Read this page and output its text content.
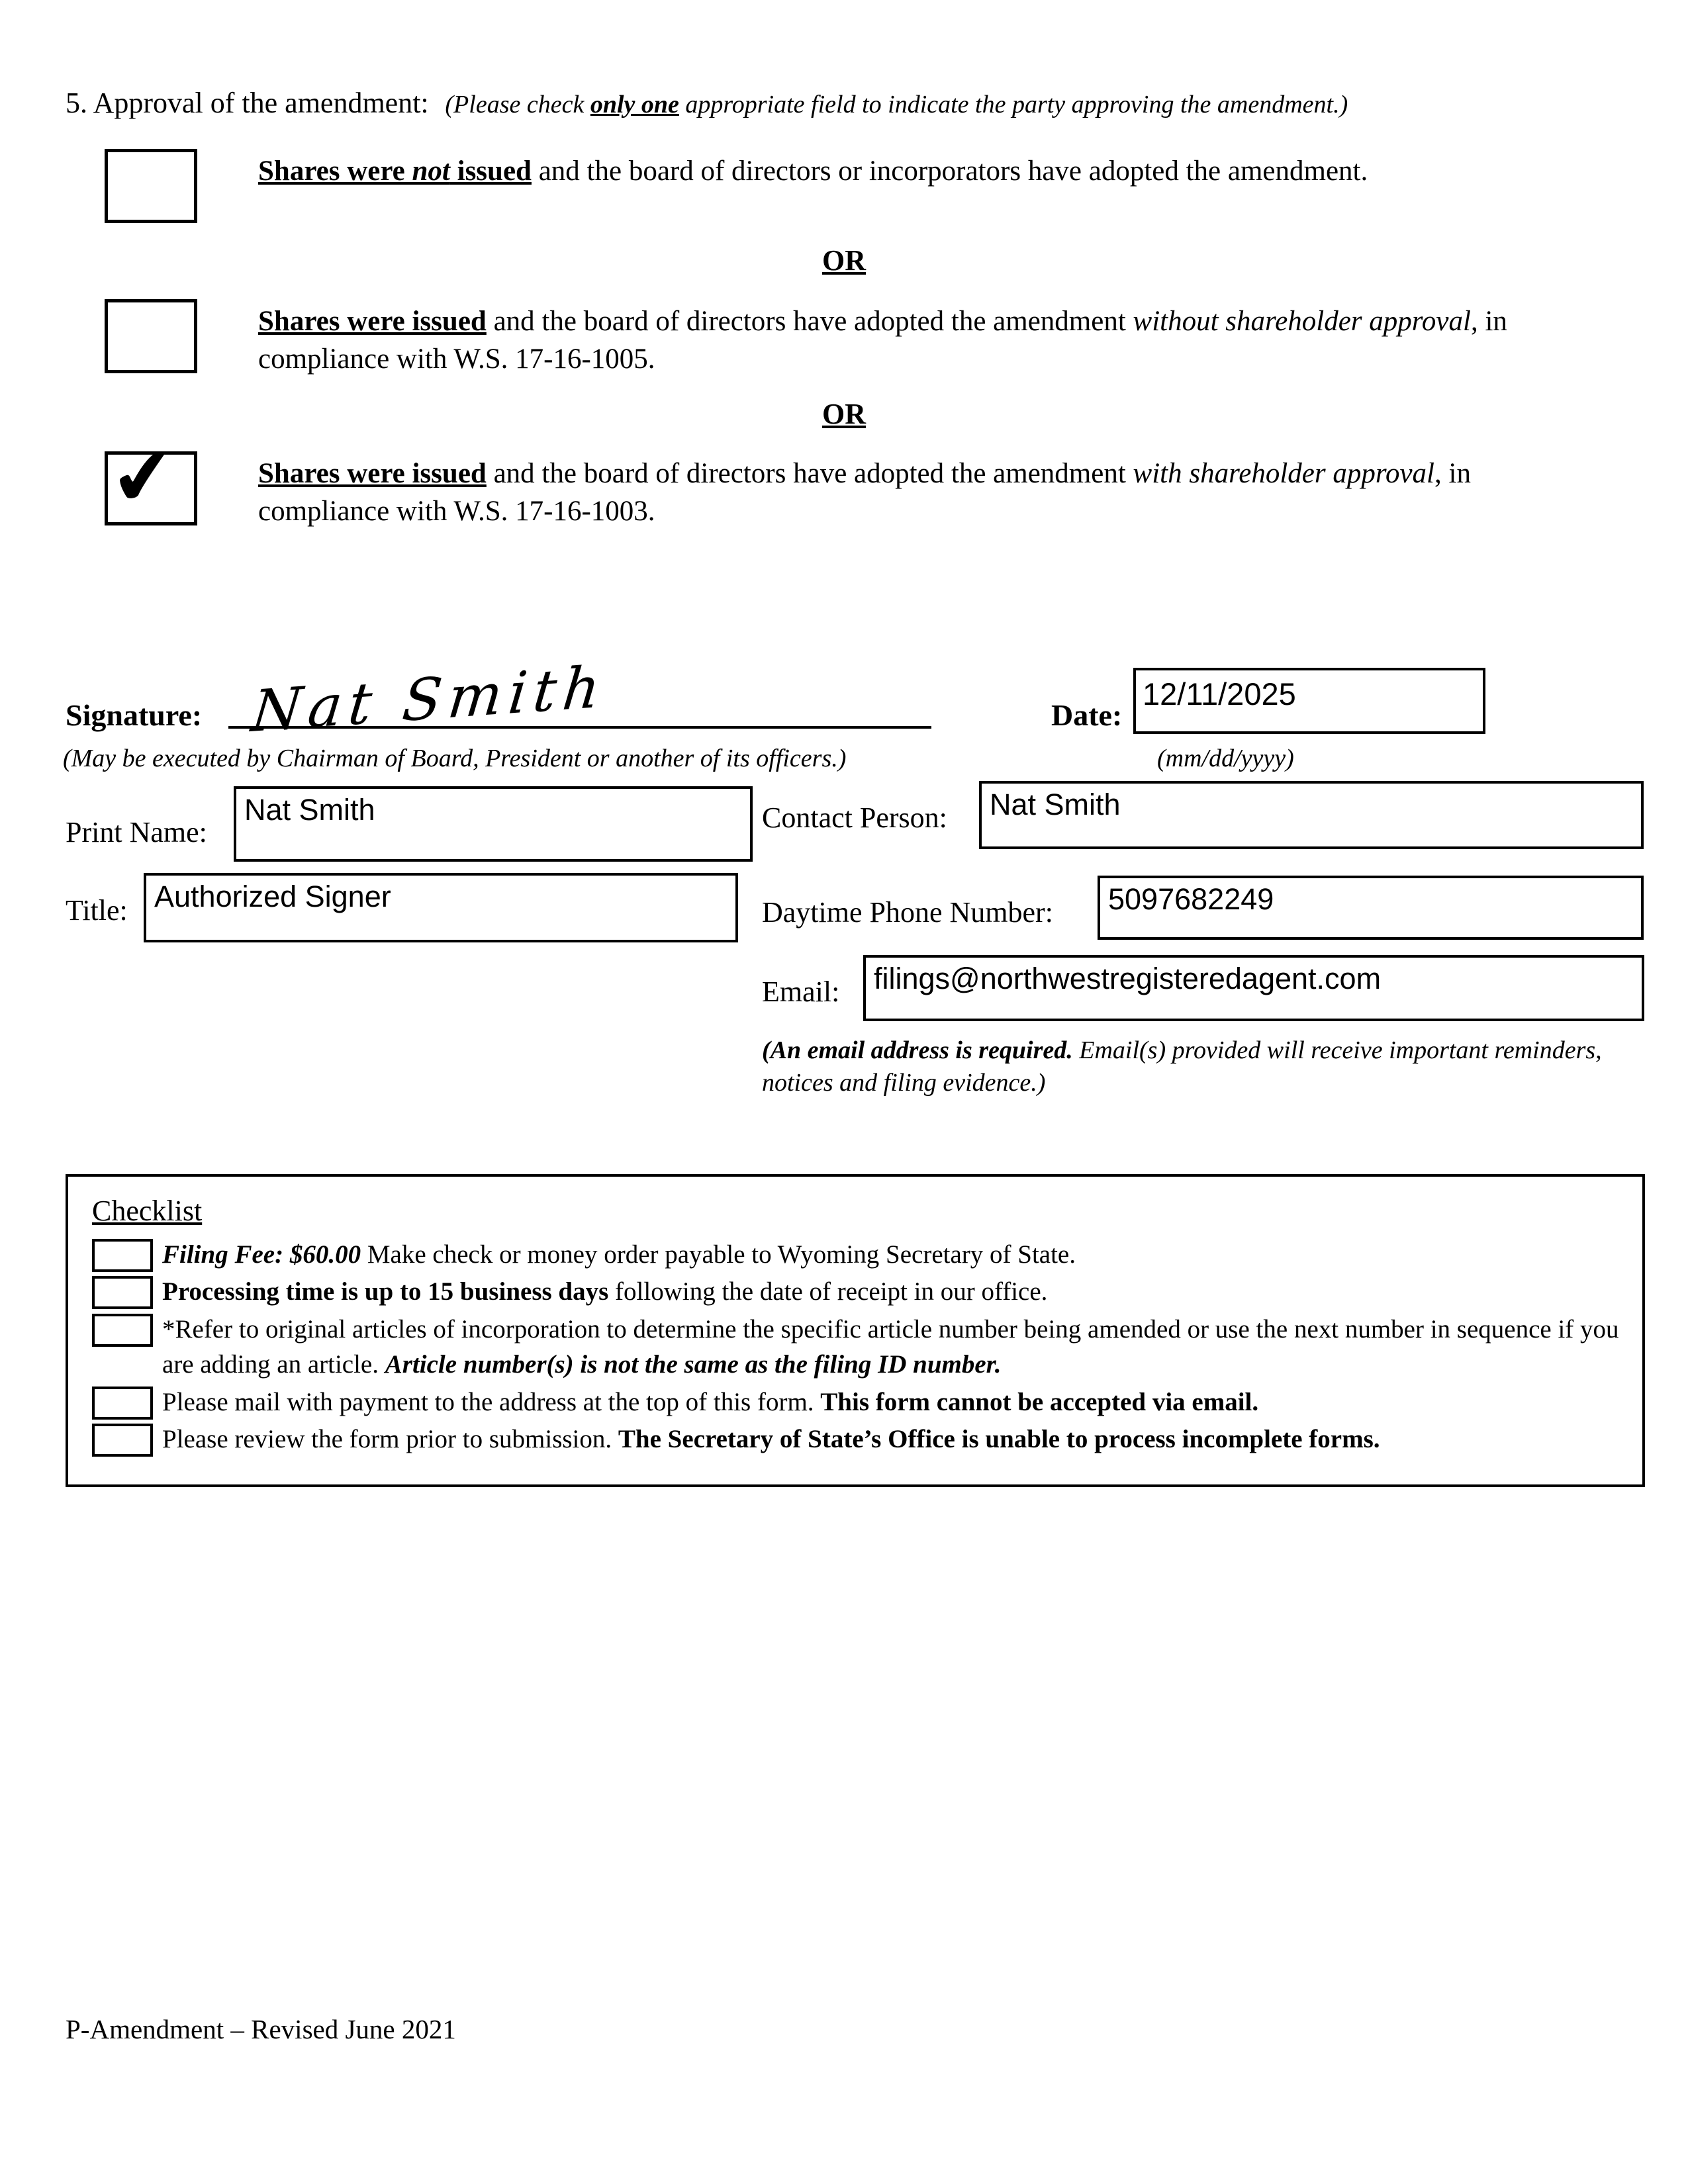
5. Approval of the amendment: (Please check only one appropriate field to indicate the party approving the amendment.)
Shares were not issued and the board of directors or incorporators have adopted the amendment.
OR
Shares were issued and the board of directors have adopted the amendment without shareholder approval, in compliance with W.S. 17-16-1005.
OR
✔	Shares were issued and the board of directors have adopted the amendment with shareholder approval, in compliance with W.S. 17-16-1003.
Signature: Nat Smith	Date:
12/11/2025
(May be executed by Chairman of Board, President or another of its officers.)	(mm/dd/yyyy)
Print Name:
Nat Smith	Contact Person:	Nat Smith
Title: Authorized Signer	Daytime Phone Number:	5097682249
Email:	filings@northwestregisteredagent.com
(An email address is required. Email(s) provided will receive important reminders, notices and filing evidence.)
Checklist
Filing Fee: $60.00 Make check or money order payable to Wyoming Secretary of State.
Processing time is up to 15 business days following the date of receipt in our office.
*Refer to original articles of incorporation to determine the specific article number being amended or use the next number in sequence if you are adding an article. Article number(s) is not the same as the filing ID number.
Please mail with payment to the address at the top of this form. This form cannot be accepted via email.
Please review the form prior to submission. The Secretary of State’s Office is unable to process incomplete forms.
P-Amendment – Revised June 2021
